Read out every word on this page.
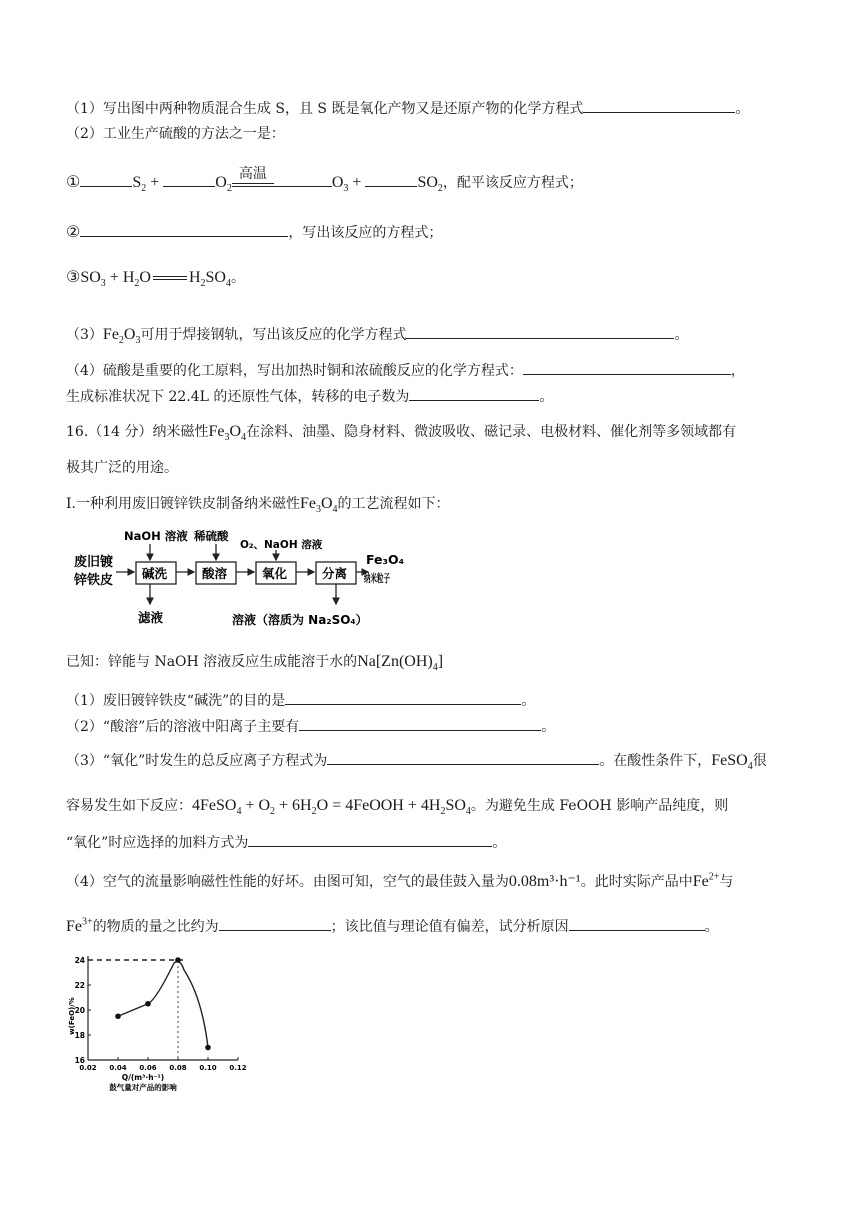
（1）写出图中两种物质混合生成 S，且 S 既是氧化产物又是还原产物的化学方程式	。
（2）工业生产硫酸的方法之一是：
①	$S_2$ +	$O_2$
高温	$O_3$ +	$SO_2$，配平该反应方程式；
②	，写出该反应的方程式；
$③SO_3 + H_2O$ $H_2SO_4$。
$(3)Fe_2O_3$可用于焊接钢轨，写出该反应的化学方程式	。
（4）硫酸是重要的化工原料，写出加热时铜和浓硫酸反应的化学方程式：	，
生成标准状况下 22.4L 的还原性气体，转移的电子数为	。
16.（14 分）纳米磁性$Fe_3O_4$在涂料、油墨、隐身材料、微波吸收、磁记录、电极材料、催化剂等多领域都有
极其广泛的用途。
I.一种利用废旧镀锌铁皮制备纳米磁性$Fe_3O_4$的工艺流程如下：
废旧镀
锌铁皮
NaOH 溶液 稀硫酸
O₂、NaOH 溶液
碱洗
滤液
酸溶	氧化	分离
溶液（溶质为 Na₂SO₄）
Fe₃O₄
纳米粒子
已知：锌能与 NaOH 溶液反应生成能溶于水的$Na[Zn(OH)_4]$
（1）废旧镀锌铁皮“碱洗”的目的是	。
（2）“酸溶”后的溶液中阳离子主要有	。
（3）“氧化”时发生的总反应离子方程式为	。在酸性条件下，FeSO$_4$很
容易发生如下反应：4FeSO$_4$ + $O_2 + 6H_2O$ = 4FeOOH + $4H_2SO_4$。为避免生成 FeOOH 影响产品纯度，则
“氧化”时应选择的加料方式为	。
（4）空气的流量影响磁性性能的好坏。由图可知，空气的最佳鼓入量为0.08m³·h⁻¹。此时实际产品中$Fe^{2+}$与
$Fe^{3+}$的物质的量之比约为	；该比值与理论值有偏差，试分析原因	。
0.02 0.04 0.06 0.08 0.10 0.12
16
18
20
22
24
w(FeO)/%
Q/(m³·h⁻¹)
鼓气量对产品的影响
